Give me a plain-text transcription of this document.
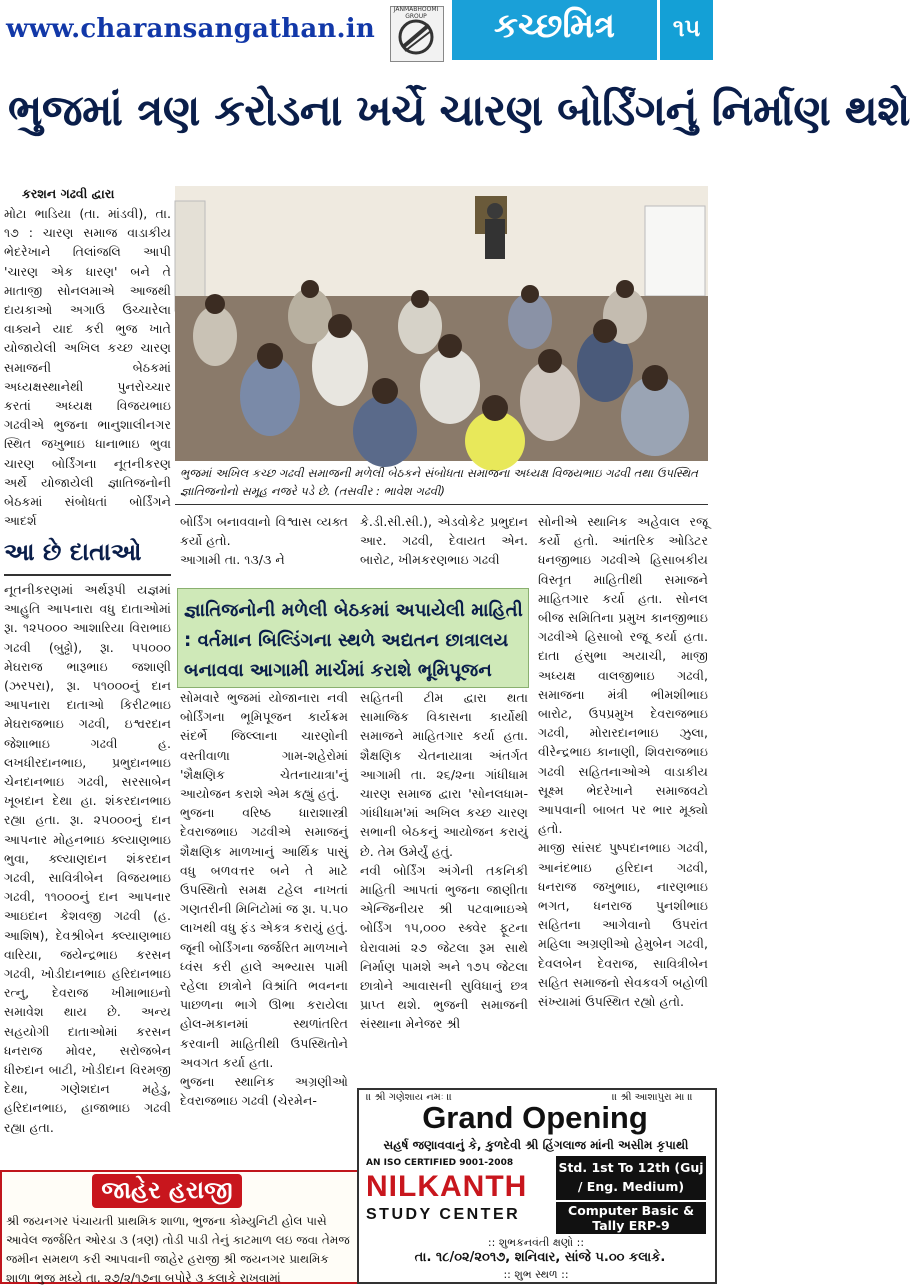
www.charansangathan.in
JANMABHOOMI GROUP	કચ્છમિત્ર	૧૫
ભુજમાં ત્રણ કરોડના ખર્ચે ચારણ બોર્ડિંગનું નિર્માણ થશે
કરશન ગઢવી દ્વારા
મોટા ભાડિયા (તા. માંડવી), તા. ૧૭ : ચારણ સમાજ વાડાકીય ભેદરેખાને તિલાંજલિ આપી 'ચારણ એક ધારણ' બને તે માતાજી સોનલમાએ આજથી દાયકાઓ અગાઉ ઉચ્ચારેલા વાક્યને યાદ કરી ભુજ ખાતે યોજાયેલી અખિલ કચ્છ ચારણ સમાજની બેઠકમાં અધ્યક્ષસ્થાનેથી પુનરોચ્ચાર કરતાં અધ્યક્ષ વિજયભાઇ ગઢવીએ ભુજના ભાનુશાલીનગર સ્થિત જખુભાઇ ધાનાભાઇ ભુવા ચારણ બોર્ડિંગના નૂતનીકરણ અર્થે યોજાયેલી જ્ઞાતિજનોની બેઠકમાં સંબોધતાં બોર્ડિંગને આદર્શ
ભુજમાં અખિલ કચ્છ ગઢવી સમાજની મળેલી બેઠકને સંબોધતા સમાજના અધ્યક્ષ વિજયભાઇ ગઢવી તથા ઉપસ્થિત જ્ઞાતિજનોનો સમૂહ નજરે પડે છે. (તસવીર : ભાવેશ ગઢવી)
આ છે દાતાઓ
નૂતનીકરણમાં અર્થરૂપી યજ્ઞમાં આહુતિ આપનારા વધુ દાતાઓમાં રૂા. ૧૨૫૦૦૦ આશારિયા વિરાભાઇ ગઢવી (બુઢ્ઢો), રૂા. ૫૫૦૦૦ મેઘરાજ ભારૂભાઇ જશાણી (ઝરપરા), રૂા. ૫૧૦૦૦નું દાન આપનારા દાતાઓ કિરીટભાઇ મેઘરાજભાઇ ગઢવી, ઇશ્વરદાન જેશાભાઇ ગઢવી હ. લખધીરદાનભાઇ, પ્રભુદાનભાઇ ચેનદાનભાઇ ગઢવી, સરસાબેન ખૂબદાન દેથા હા. શંકરદાનભાઇ રહ્યા હતા. રૂા. ૨૫૦૦૦નું દાન આપનાર મોહનભાઇ ક્લ્યાણભાઇ ભુવા, ક્લ્યાણદાન શંકરદાન ગઢવી, સાવિત્રીબેન વિજયભાઇ ગઢવી, ૧૧૦૦૦નું દાન આપનાર આઇદાન કેશવજી ગઢવી (હ. આશિષ), દેવશ્રીબેન ક્લ્યાણભાઇ વારિયા, જયેન્દ્રભાઇ કરસન ગઢવી, ખોડીદાનભાઇ હરિદાનભાઇ રત્નુ, દેવરાજ ખીમાભાઇનો સમાવેશ થાય છે. અન્ય સહયોગી દાતાઓમાં કરસન ધનરાજ મોવર, સરોજબેન ધીરુદાન બાટી, ખોડીદાન વિરમજી દેથા, ગણેશદાન મહેડુ, હરિદાનભાઇ, હાજાભાઇ ગઢવી રહ્યા હતા.
બોર્ડિંગ બનાવવાનો વિશ્વાસ વ્યક્ત કર્યો હતો.
આગામી તા. ૧૩/૩ ને
કે.ડી.સી.સી.), એડવોકેટ પ્રભુદાન આર. ગઢવી, દેવાયત એન. બારોટ, ખીમકરણભાઇ ગઢવી
જ્ઞાતિજનોની મળેલી બેઠકમાં અપાયેલી માહિતી : વર્તમાન બિલ્ડિંગના સ્થળે અદ્યતન છાત્રાલય બનાવવા આગામી માર્ચમાં કરાશે ભૂમિપૂજન
સોમવારે ભુજમાં યોજાનારા નવી બોર્ડિંગના ભૂમિપૂજન કાર્યક્રમ સંદર્ભે જિલ્લાના ચારણોની વસ્તીવાળા ગામ-શહેરોમાં 'શૈક્ષણિક ચેતનાયાત્રા'નું આયોજન કરાશે એમ કહ્યું હતું.
ભુજના વરિષ્ઠ ધારાશાસ્ત્રી દેવરાજભાઇ ગઢવીએ સમાજનું શૈક્ષણિક માળખાનું આર્થિક પાસું વધુ બળવત્તર બને તે માટે ઉપસ્થિતો સમક્ષ ટહેલ નાખતાં ગણતરીની મિનિટોમાં જ રૂા. ૫.૫૦ લાખથી વધુ ફંડ એકત્ર કરાયું હતું. જૂની બોર્ડિંગના જર્જરિત માળખાને ધ્વંસ કરી હાલે અભ્યાસ પામી રહેલા છાત્રોને વિશ્રાંતિ ભવનના પાછળના ભાગે ઊભા કરાયેલા હોલ-મકાનમાં સ્થળાંતરિત કરવાની માહિતીથી ઉપસ્થિતોને અવગત કર્યા હતા.
ભુજના સ્થાનિક અગ્રણીઓ દેવરાજભાઇ ગઢવી (ચેરમેન-
સહિતની ટીમ દ્વારા થતા સામાજિક વિકાસના કાર્યોથી સમાજને માહિતગાર કર્યા હતા. શૈક્ષણિક ચેતનાયાત્રા અંતર્ગત આગામી તા. ૨૬/૨ના ગાંધીધામ ચારણ સમાજ દ્વારા 'સોનલધામ-ગાંધીધામ'માં અખિલ કચ્છ ચારણ સભાની બેઠકનું આયોજન કરાયું છે. તેમ ઉમેર્યું હતું.
નવી બોર્ડિંગ અંગેની તકનિકી માહિતી આપતાં ભુજના જાણીતા એન્જિનીયર શ્રી પટવાભાઇએ બોર્ડિંગ ૧૫,૦૦૦ સ્ક્વેર ફૂટના ઘેરાવામાં ૨૭ જેટલા રૂમ સાથે નિર્માણ પામશે અને ૧૭૫ જેટલા છાત્રોને આવાસની સુવિધાનું છત્ર પ્રાપ્ત થશે. ભુજની સમાજની સંસ્થાના મેનેજર શ્રી
સોનીએ સ્થાનિક અહેવાલ રજૂ કર્યો હતો. આંતરિક ઓડિટર ધનજીભાઇ ગઢવીએ હિસાબકીય વિસ્તૃત માહિતીથી સમાજને માહિતગાર કર્યા હતા. સોનલ બીજ સમિતિના પ્રમુખ કાનજીભાઇ ગઢવીએ હિસાબો રજૂ કર્યા હતા. દાતા હંસુભા અયાચી, માજી અધ્યક્ષ વાલજીભાઇ ગઢવી, સમાજના મંત્રી ભીમશીભાઇ બારોટ, ઉપપ્રમુખ દેવરાજભાઇ ગઢવી, મોરારદાનભાઇ ઝુલા, વીરેન્દ્રભાઇ કાનાણી, શિવરાજભાઇ ગઢવી સહિતનાઓએ વાડાકીય સૂક્ષ્મ ભેદરેખાને સમાજવટો આપવાની બાબત પર ભાર મૂક્યો હતો.
માજી સાંસદ પુષ્પદાનભાઇ ગઢવી, આનંદભાઇ હરિદાન ગઢવી, ધનરાજ જખુભાઇ, નારણભાઇ ભગત, ધનરાજ પુનશીભાઇ સહિતના આગેવાનો ઉપરાંત મહિલા અગ્રણીઓ હેમુબેન ગઢવી, દેવલબેન દેવરાજ, સાવિત્રીબેન સહિત સમાજનો સેવકવર્ગ બહોળી સંખ્યામાં ઉપસ્થિત રહ્યો હતો.
જાહેર હરાજી
શ્રી જયનગર પંચાયતી પ્રાથમિક શાળા, ભુજના કોમ્યુનિટી હોલ પાસે આવેલ જર્જરિત ઓરડા ૩ (ત્રણ) તોડી પાડી તેનું કાટમાળ લઇ જવા તેમજ જમીન સમથળ કરી આપવાની જાહેર હરાજી શ્રી જયનગર પ્રાથમિક શાળા ભુજ મધ્યે તા. ૨૭/૨/૧૭ના બપોરે ૩ કલાકે રાખવામાં
॥ શ્રી ગણેશાય નમઃ ॥	॥ શ્રી આશાપુરા મા ॥
Grand Opening
સહર્ષ જણાવવાનું કે, કુળદેવી શ્રી હિંગલાજ માંની અસીમ કૃપાથી
AN ISO CERTIFIED 9001-2008
NILKANTH
STUDY CENTER
Std. 1st To 12th (Guj / Eng. Medium)
Computer Basic & Tally ERP-9
:: શુભકનવંતી ક્ષણો ::
તા. ૧૮/૦૨/૨૦૧૭, શનિવાર, સાંજે ૫.૦૦ કલાકે.
:: શુભ સ્થળ ::
